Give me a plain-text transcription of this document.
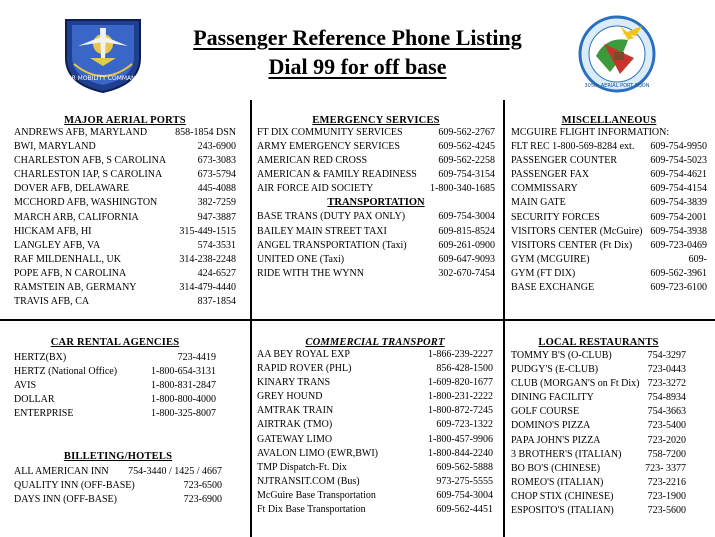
AIR MOBILITY COMMAND
Passenger Reference Phone Listing
Dial 99 for off base
305th AERIAL PORT SQDN
MAJOR AERIAL PORTS
ANDREWS AFB, MARYLAND	858-1854 DSN
BWI, MARYLAND	243-6900
CHARLESTON AFB, S CAROLINA	673-3083
CHARLESTON IAP, S CAROLINA	673-5794
DOVER AFB, DELAWARE	445-4088
MCCHORD AFB, WASHINGTON	382-7259
MARCH ARB, CALIFORNIA	947-3887
HICKAM AFB, HI	315-449-1515
LANGLEY AFB, VA	574-3531
RAF MILDENHALL, UK	314-238-2248
POPE AFB, N CAROLINA	424-6527
RAMSTEIN AB, GERMANY	314-479-4440
TRAVIS AFB, CA	837-1854
EMERGENCY SERVICES
FT DIX COMMUNITY SERVICES	609-562-2767
ARMY EMERGENCY SERVICES	609-562-4245
AMERICAN RED CROSS	609-562-2258
AMERICAN & FAMILY READINESS	609-754-3154
AIR FORCE AID SOCIETY	1-800-340-1685
TRANSPORTATION
BASE TRANS (DUTY PAX ONLY)	609-754-3004
BAILEY MAIN STREET TAXI	609-815-8524
ANGEL TRANSPORTATION (Taxi)	609-261-0900
UNITED ONE (Taxi)	609-647-9093
RIDE WITH THE WYNN	302-670-7454
MISCELLANEOUS
MCGUIRE FLIGHT INFORMATION:
FLT REC 1-800-569-8284 ext.	609-754-9950
PASSENGER COUNTER	609-754-5023
PASSENGER FAX	609-754-4621
COMMISSARY	609-754-4154
MAIN GATE	609-754-3839
SECURITY FORCES	609-754-2001
VISITORS CENTER (McGuire) 609-754-3938
VISITORS CENTER (Ft Dix)	609-723-0469
GYM (MCGUIRE)	609-
GYM (FT DIX)	609-562-3961
BASE EXCHANGE	609-723-6100
CAR RENTAL AGENCIES
HERTZ(BX)	723-4419
HERTZ (National Office)	1-800-654-3131
AVIS	1-800-831-2847
DOLLAR	1-800-800-4000
ENTERPRISE	1-800-325-8007
BILLETING/HOTELS
ALL AMERICAN INN	754-3440 / 1425 / 4667
QUALITY INN (OFF-BASE)	723-6500
DAYS INN (OFF-BASE)	723-6900
COMMERCIAL TRANSPORT
AA BEY ROYAL EXP	1-866-239-2227
RAPID ROVER (PHL)	856-428-1500
KINARY TRANS	1-609-820-1677
GREY HOUND	1-800-231-2222
AMTRAK TRAIN	1-800-872-7245
AIRTRAK (TMO)	609-723-1322
GATEWAY LIMO	1-800-457-9906
AVALON LIMO (EWR,BWI)	1-800-844-2240
TMP Dispatch-Ft. Dix	609-562-5888
NJTRANSIT.COM (Bus)	973-275-5555
McGuire Base Transportation	609-754-3004
Ft Dix Base Transportation	609-562-4451
LOCAL RESTAURANTS
TOMMY B'S (O-CLUB)	754-3297
PUDGY'S (E-CLUB)	723-0443
CLUB (MORGAN'S on Ft Dix) 723-3272
DINING FACILITY	754-8934
GOLF COURSE	754-3663
DOMINO'S PIZZA	723-5400
PAPA JOHN'S PIZZA	723-2020
3 BROTHER'S (ITALIAN)	758-7200
BO BO'S (CHINESE)	723- 3377
ROMEO'S (ITALIAN)	723-2216
CHOP STIX (CHINESE)	723-1900
ESPOSITO'S (ITALIAN)	723-5600
